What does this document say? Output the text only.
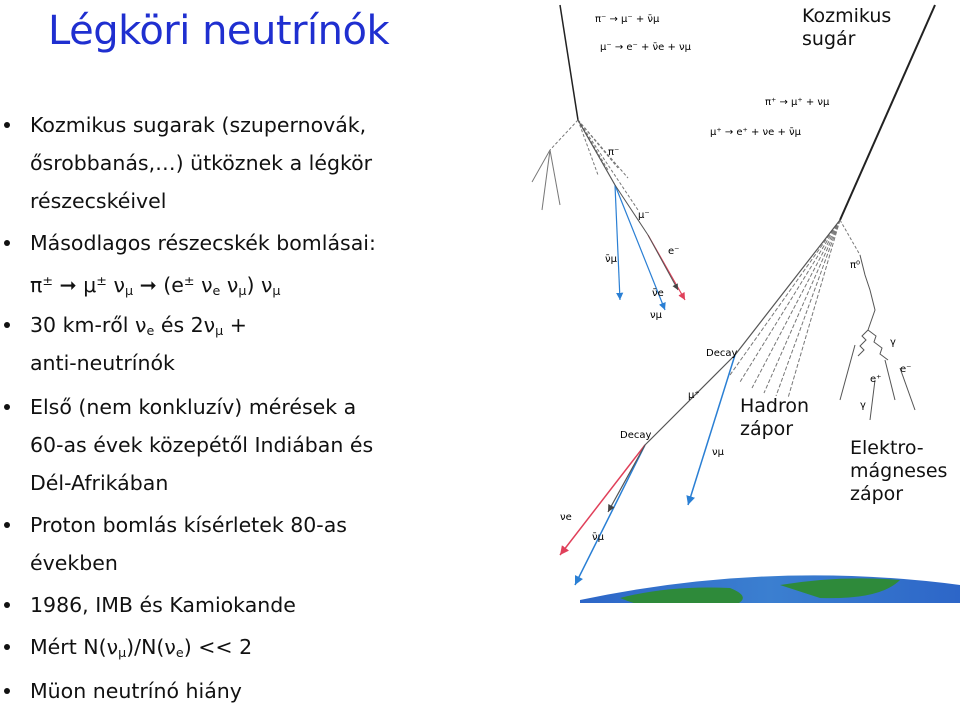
Légköri neutrínók
Kozmikus sugarak (szupernovák,
ősrobbanás,…) ütköznek a légkör
részecskéivel
Másodlagos részecskék bomlásai:
π± ➞ μ± $\nu_\mu$ ➞ (e± $\nu_e$ $\nu_\mu$) $\nu_\mu$
30 km-ről $\nu_e$ és $2\nu_\mu$ +
anti-neutrínók
Első (nem konkluzív) mérések a
60-as évek közepétől Indiában és
Dél-Afrikában
Proton bomlás kísérletek 80-as
években
1986, IMB és Kamiokande
Mért $N(\nu_\mu)/N(\nu_e) << 2$
Müon neutrínó hiány
π⁻ → μ⁻ + ν̄μ
μ⁻ → e⁻ + ν̄e + νμ
π⁺ → μ⁺ + νμ
μ⁺ → e⁺ + νe + ν̄μ
π⁻
μ⁻
e⁻
ν̄μ
νμ
ν̄e
Decay
Decay
μ⁺
νμ
νe
ν̄μ
π⁰
γ
e⁺
γ
e⁻
Kozmikus
sugár
Hadron
zápor
Elektro-
mágneses
zápor
